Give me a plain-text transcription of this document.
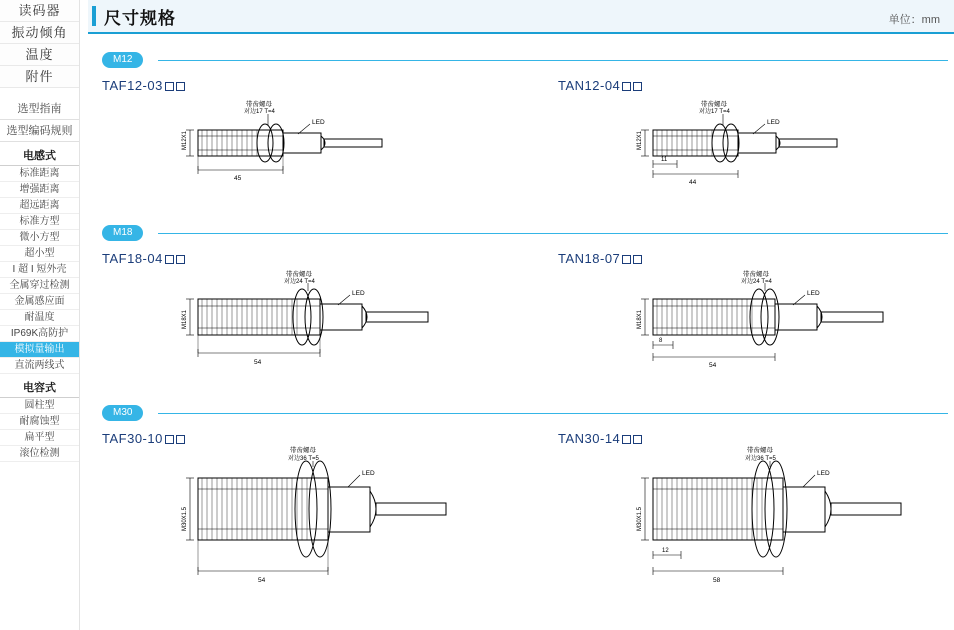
读码器
振动倾角
温度
附件
选型指南
选型编码规则
电感式
标准距离
增强距离
超远距离
标准方型
微小方型
超小型
I 超 I 短外壳
全属穿过检测
金属感应面
耐温度
IP69K高防护
模拟量输出
直流两线式
电容式
圆柱型
耐腐蚀型
扁平型
滚位检测
尺寸规格	单位：mm
M12
TAF12-03	TAN12-04
LED
带齿螺母
对边17 T=4
M12X1
45
LED
带齿螺母
对边17 T=4
M12X1
11
44
M18
TAF18-04	TAN18-07
LED
带齿螺母
对边24 T=4
M18X1
54
LED
带齿螺母
对边24 T=4
M18X1
8
54
M30
TAF30-10	TAN30-14
LED
带齿螺母
对边36 T=5
M30X1.5
54
LED
带齿螺母
对边36 T=5
M30X1.5
12
58
